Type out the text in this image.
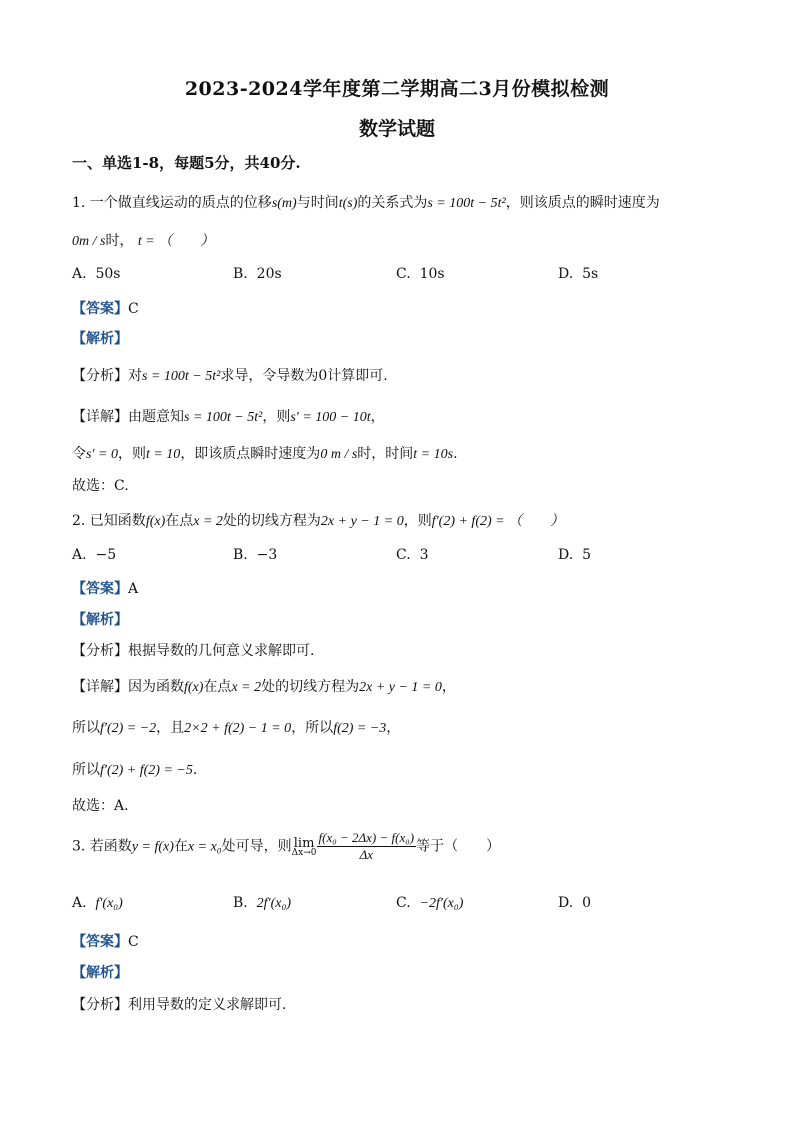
2023-2024学年度第二学期高二3月份模拟检测
数学试题
一、单选1-8，每题5分，共40分.
1. 一个做直线运动的质点的位移s(m)与时间t(s)的关系式为s = 100t − 5t²，则该质点的瞬时速度为
0m / s时， t = （　　）
A. 50s	B. 20s	C. 10s	D. 5s
【答案】C
【解析】
【分析】对s = 100t − 5t²求导，令导数为0计算即可.
【详解】由题意知s = 100t − 5t²，则s′ = 100 − 10t，
令s′ = 0，则t = 10，即该质点瞬时速度为0 m / s时，时间t = 10s.
故选：C.
2. 已知函数f(x)在点x = 2处的切线方程为2x + y − 1 = 0，则f′(2) + f(2) = （　　）
A. −5	B. −3	C. 3	D. 5
【答案】A
【解析】
【分析】根据导数的几何意义求解即可.
【详解】因为函数f(x)在点x = 2处的切线方程为2x + y − 1 = 0，
所以f′(2) = −2，且2×2 + f(2) − 1 = 0，所以f(2) = −3，
所以f′(2) + f(2) = −5.
故选：A.
3. 若函数y = f(x)在x = x₀处可导，则 lim
$\Delta x\to 0 \frac{\text{f(x₀ − 2Δx) − f(x₀)}}{\Delta x}$ 等于（　　）
A. f′(x₀)	B. 2f′(x₀)	C. −2f′(x₀)	D. 0
【答案】C
【解析】
【分析】利用导数的定义求解即可.
